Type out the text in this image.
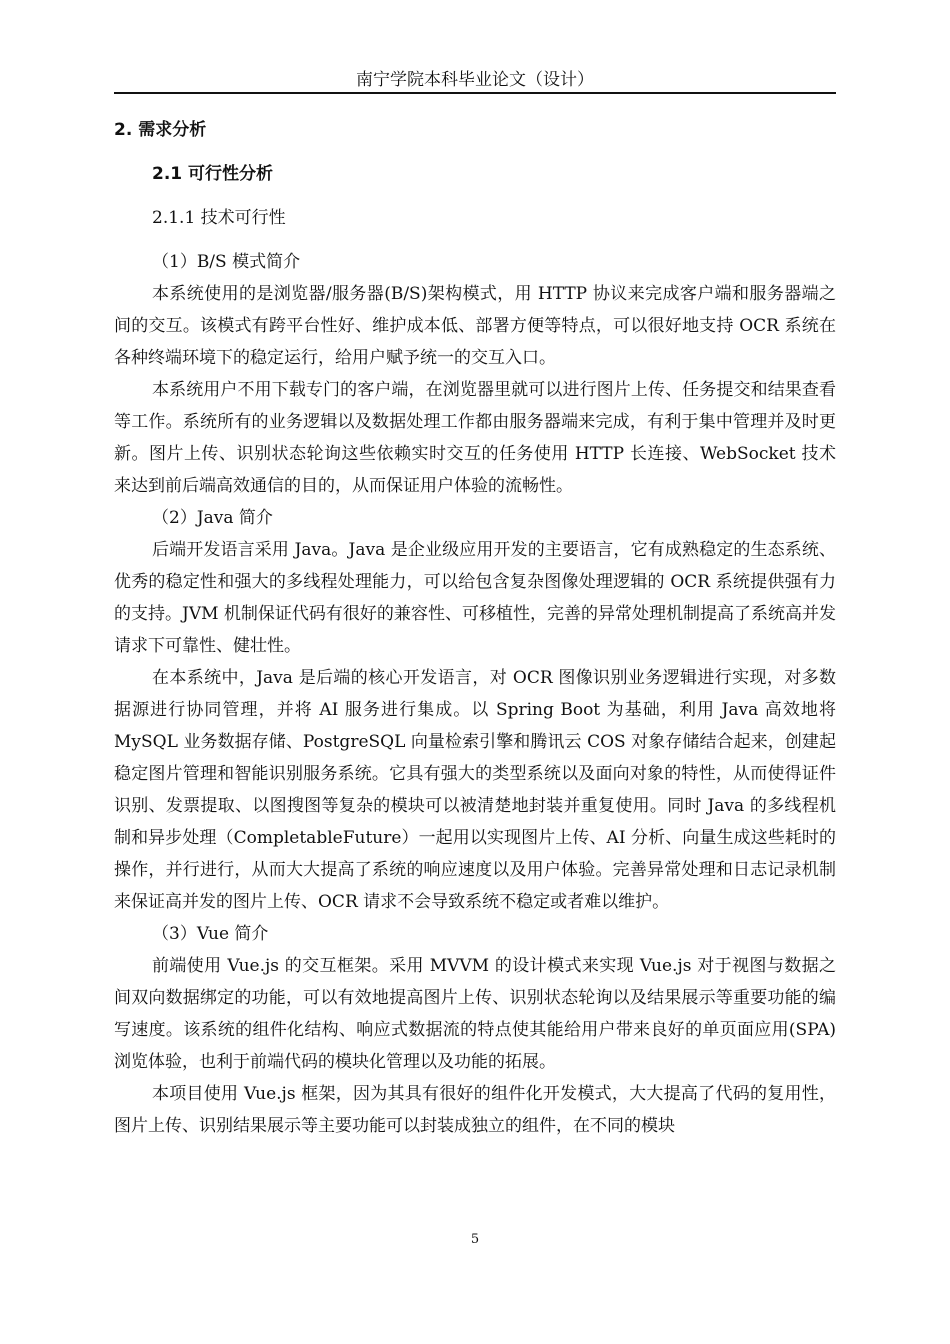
南宁学院本科毕业论文（设计）
2. 需求分析
2.1 可行性分析
2.1.1 技术可行性
（1）B/S 模式简介

本系统使用的是浏览器/服务器(B/S)架构模式，用 HTTP 协议来完成客户端和服务器端之间的交互。该模式有跨平台性好、维护成本低、部署方便等特点，可以很好地支持 OCR 系统在各种终端环境下的稳定运行，给用户赋予统一的交互入口。

本系统用户不用下载专门的客户端，在浏览器里就可以进行图片上传、任务提交和结果查看等工作。系统所有的业务逻辑以及数据处理工作都由服务器端来完成，有利于集中管理并及时更新。图片上传、识别状态轮询这些依赖实时交互的任务使用 HTTP 长连接、WebSocket 技术来达到前后端高效通信的目的，从而保证用户体验的流畅性。

（2）Java 简介

后端开发语言采用 Java。Java 是企业级应用开发的主要语言，它有成熟稳定的生态系统、优秀的稳定性和强大的多线程处理能力，可以给包含复杂图像处理逻辑的 OCR 系统提供强有力的支持。JVM 机制保证代码有很好的兼容性、可移植性，完善的异常处理机制提高了系统高并发请求下可靠性、健壮性。

在本系统中，Java 是后端的核心开发语言，对 OCR 图像识别业务逻辑进行实现，对多数据源进行协同管理，并将 AI 服务进行集成。以 Spring Boot 为基础，利用 Java 高效地将 MySQL 业务数据存储、PostgreSQL 向量检索引擎和腾讯云 COS 对象存储结合起来，创建起稳定图片管理和智能识别服务系统。它具有强大的类型系统以及面向对象的特性，从而使得证件识别、发票提取、以图搜图等复杂的模块可以被清楚地封装并重复使用。同时 Java 的多线程机制和异步处理（CompletableFuture）一起用以实现图片上传、AI 分析、向量生成这些耗时的操作，并行进行，从而大大提高了系统的响应速度以及用户体验。完善异常处理和日志记录机制来保证高并发的图片上传、OCR 请求不会导致系统不稳定或者难以维护。

（3）Vue 简介

前端使用 Vue.js 的交互框架。采用 MVVM 的设计模式来实现 Vue.js 对于视图与数据之间双向数据绑定的功能，可以有效地提高图片上传、识别状态轮询以及结果展示等重要功能的编写速度。该系统的组件化结构、响应式数据流的特点使其能给用户带来良好的单页面应用(SPA)浏览体验，也利于前端代码的模块化管理以及功能的拓展。

本项目使用 Vue.js 框架，因为其具有很好的组件化开发模式，大大提高了代码的复用性，图片上传、识别结果展示等主要功能可以封装成独立的组件，在不同的模块

5
